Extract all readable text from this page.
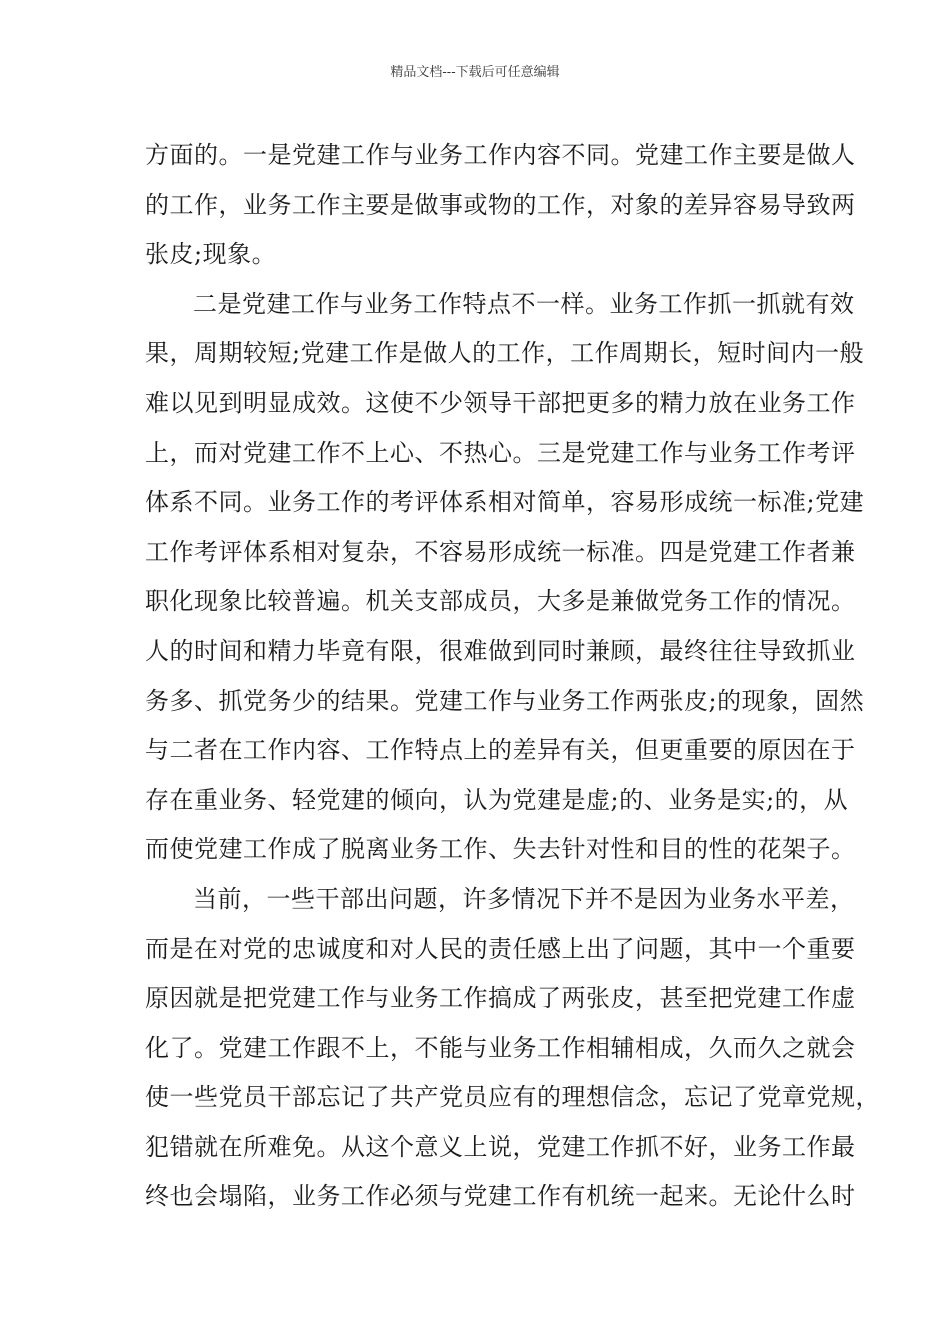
精品文档---下载后可任意编辑
方面的。一是党建工作与业务工作内容不同。党建工作主要是做人
的工作，业务工作主要是做事或物的工作，对象的差异容易导致两
张皮;现象。
二是党建工作与业务工作特点不一样。业务工作抓一抓就有效
果，周期较短;党建工作是做人的工作，工作周期长，短时间内一般
难以见到明显成效。这使不少领导干部把更多的精力放在业务工作
上，而对党建工作不上心、不热心。三是党建工作与业务工作考评
体系不同。业务工作的考评体系相对简单，容易形成统一标准;党建
工作考评体系相对复杂，不容易形成统一标准。四是党建工作者兼
职化现象比较普遍。机关支部成员，大多是兼做党务工作的情况。
人的时间和精力毕竟有限，很难做到同时兼顾，最终往往导致抓业
务多、抓党务少的结果。党建工作与业务工作两张皮;的现象，固然
与二者在工作内容、工作特点上的差异有关，但更重要的原因在于
存在重业务、轻党建的倾向，认为党建是虚;的、业务是实;的，从
而使党建工作成了脱离业务工作、失去针对性和目的性的花架子。
当前，一些干部出问题，许多情况下并不是因为业务水平差，
而是在对党的忠诚度和对人民的责任感上出了问题，其中一个重要
原因就是把党建工作与业务工作搞成了两张皮，甚至把党建工作虚
化了。党建工作跟不上，不能与业务工作相辅相成，久而久之就会
使一些党员干部忘记了共产党员应有的理想信念，忘记了党章党规，
犯错就在所难免。从这个意义上说，党建工作抓不好，业务工作最
终也会塌陷，业务工作必须与党建工作有机统一起来。无论什么时
